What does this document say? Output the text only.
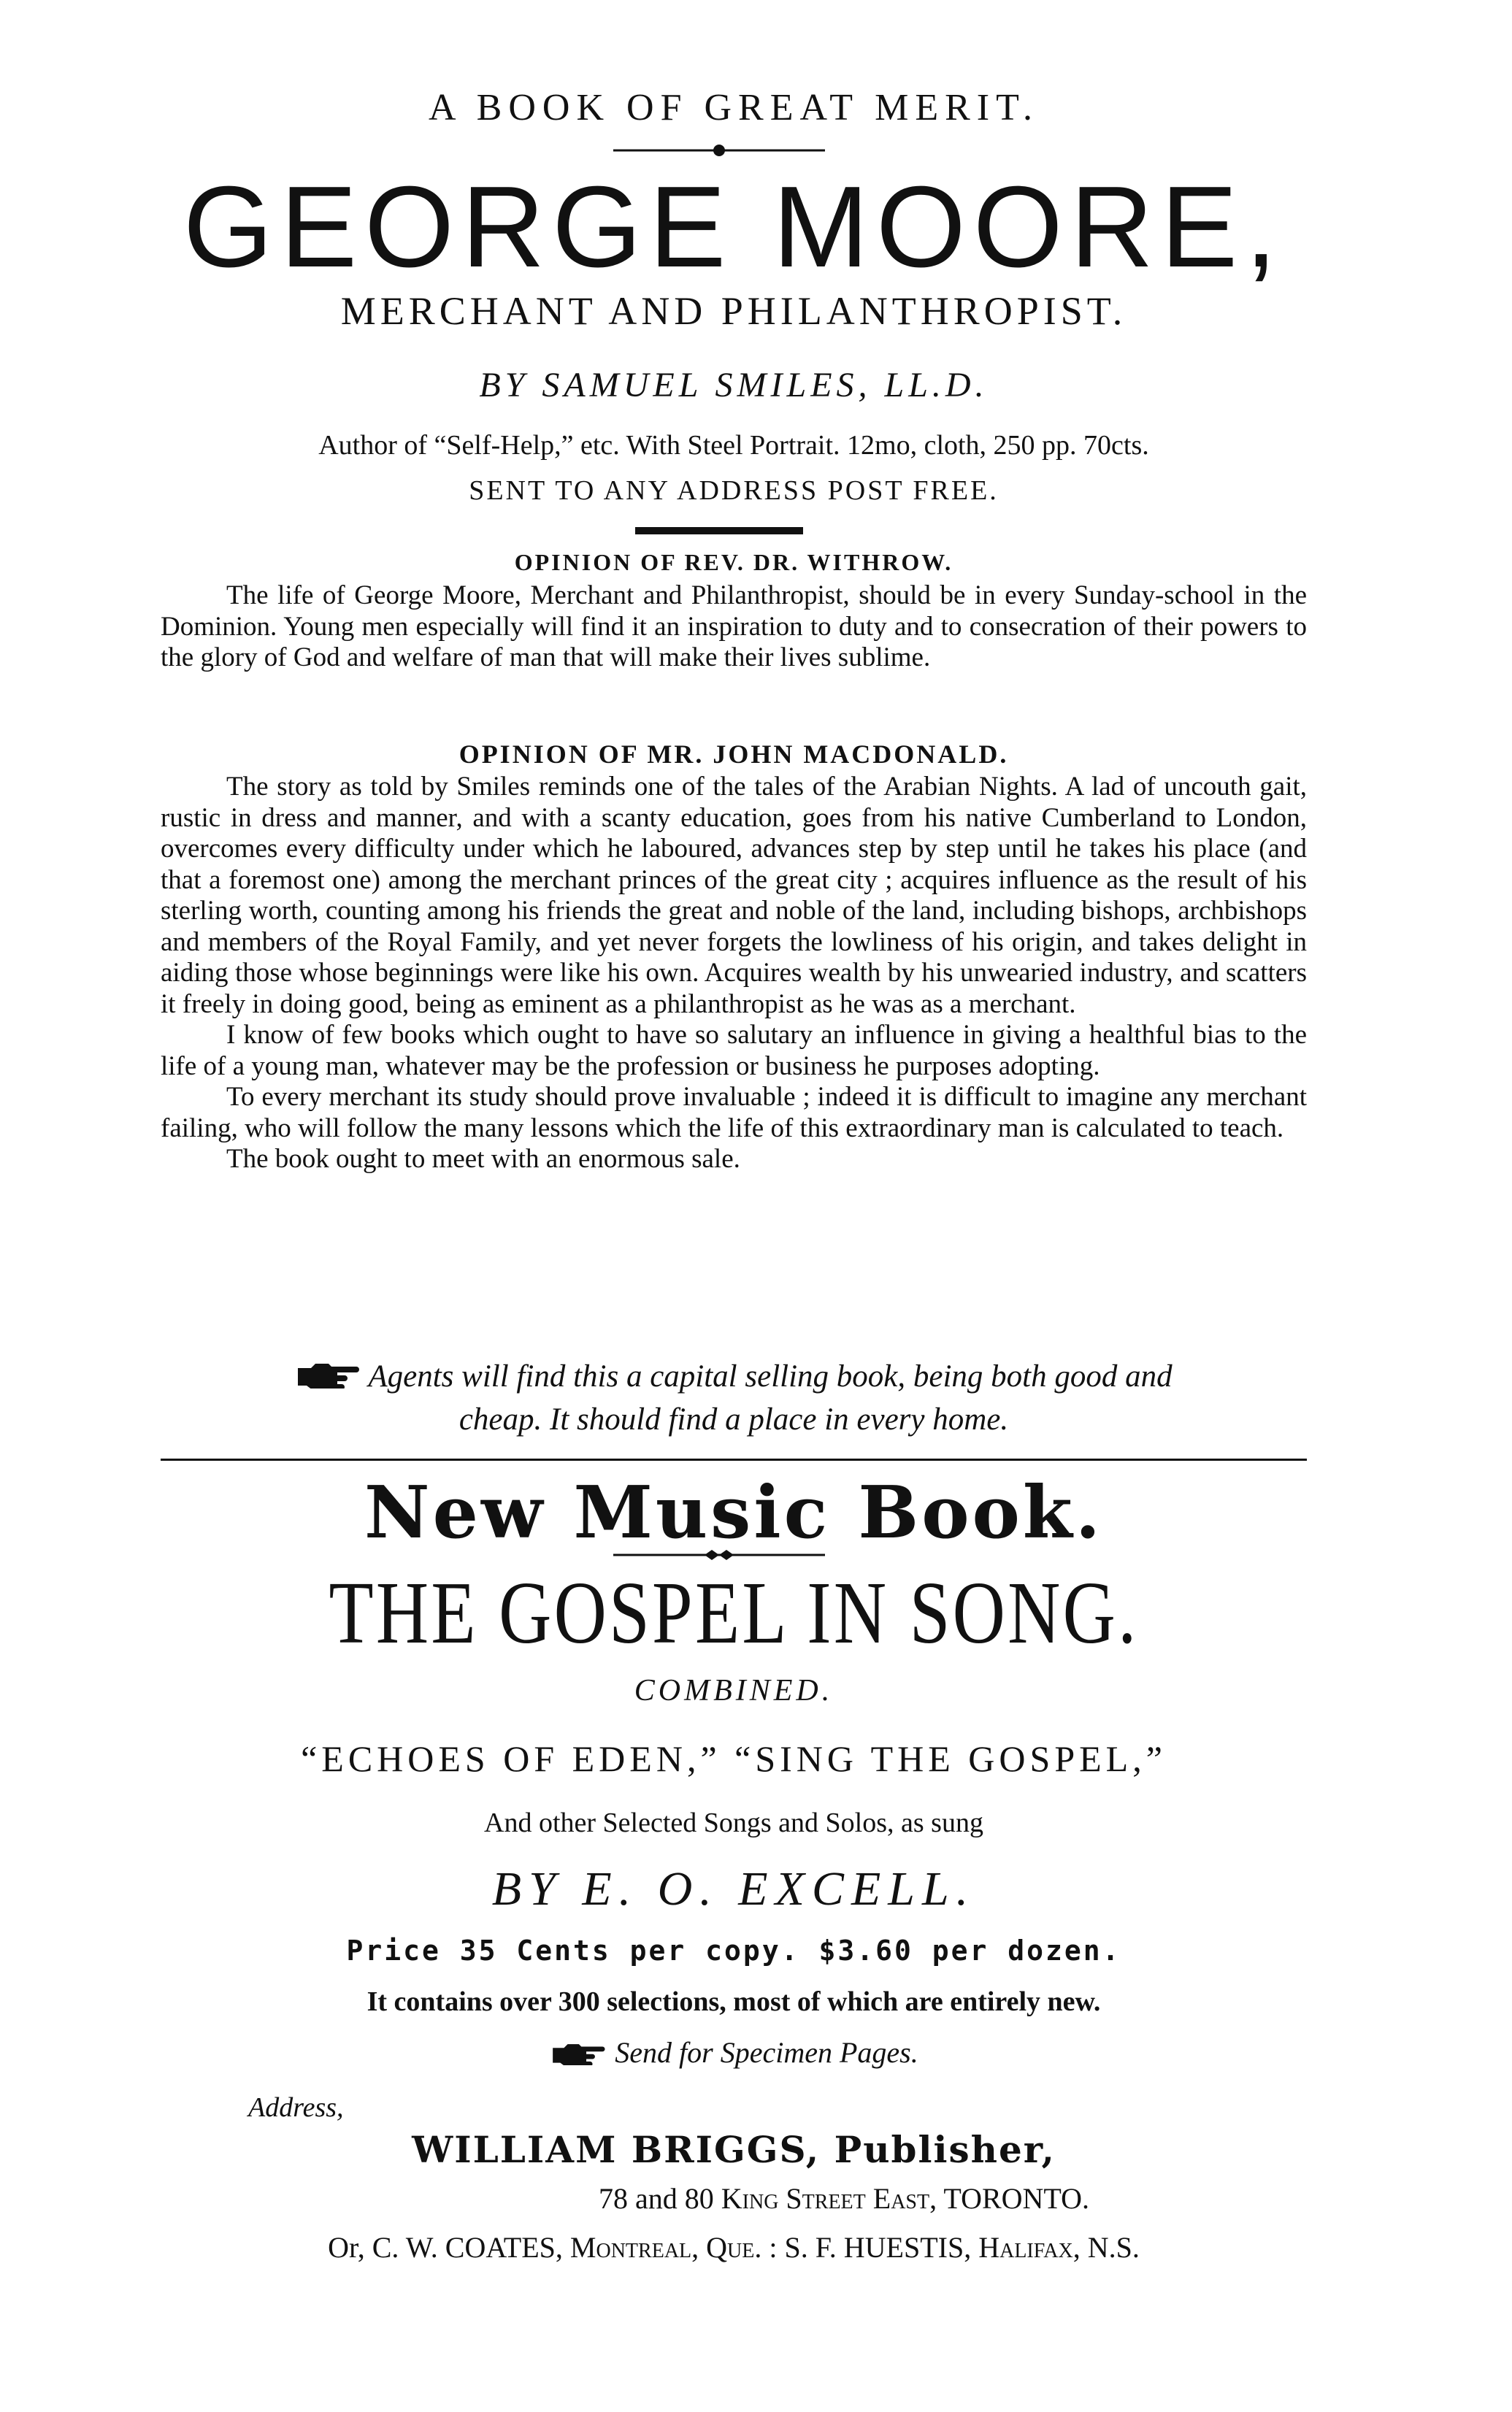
A BOOK OF GREAT MERIT.
GEORGE MOORE,
MERCHANT AND PHILANTHROPIST.
BY SAMUEL SMILES, LL.D.
Author of “Self-Help,” etc. With Steel Portrait. 12mo, cloth, 250 pp. 70cts.
SENT TO ANY ADDRESS POST FREE.
OPINION OF REV. DR. WITHROW.

The life of George Moore, Merchant and Philanthropist, should be in every Sunday-school in the Dominion. Young men especially will find it an inspiration to duty and to consecration of their powers to the glory of God and welfare of man that will make their lives sublime.

OPINION OF MR. JOHN MACDONALD.

The story as told by Smiles reminds one of the tales of the Arabian Nights. A lad of uncouth gait, rustic in dress and manner, and with a scanty education, goes from his native Cumberland to London, overcomes every difficulty under which he laboured, advances step by step until he takes his place (and that a foremost one) among the merchant princes of the great city ; acquires influence as the result of his sterling worth, counting among his friends the great and noble of the land, including bishops, archbishops and members of the Royal Family, and yet never forgets the lowliness of his origin, and takes delight in aiding those whose beginnings were like his own. Acquires wealth by his unwearied industry, and scatters it freely in doing good, being as eminent as a philanthropist as he was as a merchant.

I know of few books which ought to have so salutary an influence in giving a healthful bias to the life of a young man, whatever may be the profession or business he purposes adopting.

To every merchant its study should prove invaluable ; indeed it is difficult to imagine any merchant failing, who will follow the many lessons which the life of this extraordinary man is calculated to teach.

The book ought to meet with an enormous sale.

Agents will find this a capital selling book, being both good and
cheap. It should find a place in every home.
New Music Book.
THE GOSPEL IN SONG.
COMBINED.
“ECHOES OF EDEN,” “SING THE GOSPEL,”
And other Selected Songs and Solos, as sung
BY E. O. EXCELL.
Price 35 Cents per copy. $3.60 per dozen.
It contains over 300 selections, most of which are entirely new.
Send for Specimen Pages.
Address,
WILLIAM BRIGGS, Publisher,
78 and 80 King Street East, TORONTO.
Or, C. W. COATES, Montreal, Que. : S. F. HUESTIS, Halifax, N.S.
